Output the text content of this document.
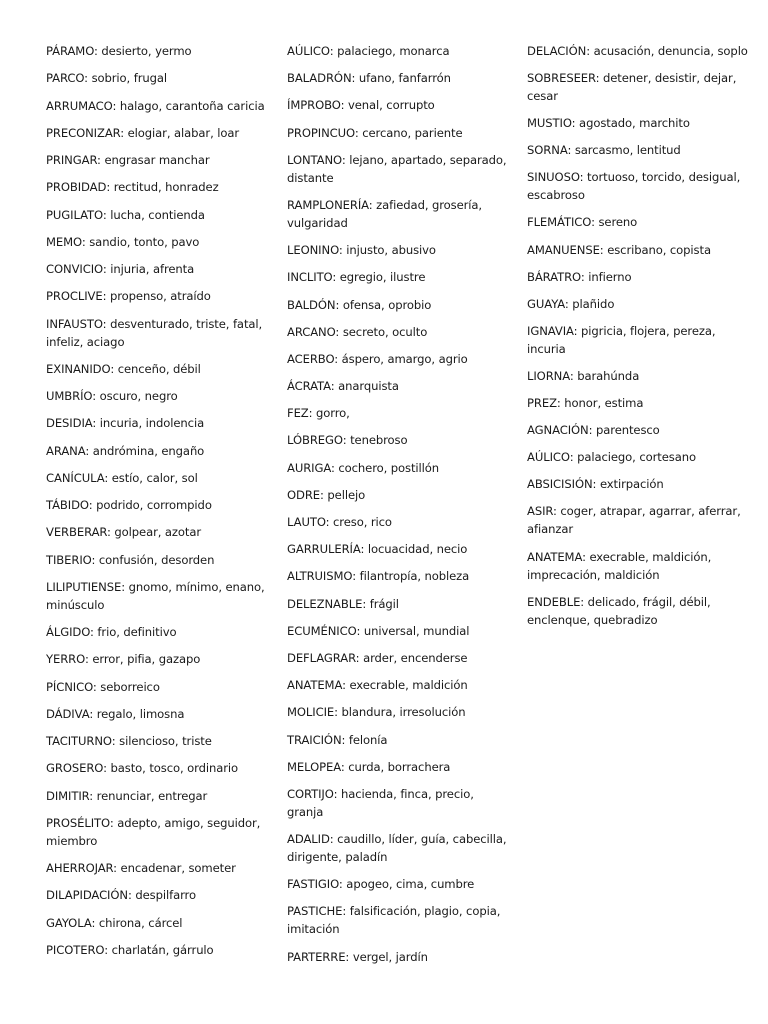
PÁRAMO: desierto, yermo
PARCO: sobrio, frugal
ARRUMACO: halago, carantoña caricia
PRECONIZAR: elogiar, alabar, loar
PRINGAR: engrasar manchar
PROBIDAD: rectitud, honradez
PUGILATO: lucha, contienda
MEMO: sandio, tonto, pavo
CONVICIO: injuria, afrenta
PROCLIVE: propenso, atraído
INFAUSTO: desventurado, triste, fatal, infeliz, aciago
EXINANIDO: cenceño, débil
UMBRÍO: oscuro, negro
DESIDIA: incuria, indolencia
ARANA: andrómina, engaño
CANÍCULA: estío, calor, sol
TÁBIDO: podrido, corrompido
VERBERAR: golpear, azotar
TIBERIO: confusión, desorden
LILIPUTIENSE: gnomo, mínimo, enano, minúsculo
ÁLGIDO: frio, definitivo
YERRO: error, pifia, gazapo
PÍCNICO: seborreico
DÁDIVA: regalo, limosna
TACITURNO: silencioso, triste
GROSERO: basto, tosco, ordinario
DIMITIR: renunciar, entregar
PROSÉLITO: adepto, amigo, seguidor, miembro
AHERROJAR: encadenar, someter
DILAPIDACIÓN: despilfarro
GAYOLA: chirona, cárcel
PICOTERO: charlatán, gárrulo
AÚLICO: palaciego, monarca
BALADRÓN: ufano, fanfarrón
ÍMPROBO: venal, corrupto
PROPINCUO: cercano, pariente
LONTANO: lejano, apartado, separado, distante
RAMPLONERÍA: zafiedad, grosería, vulgaridad
LEONINO: injusto, abusivo
INCLITO: egregio, ilustre
BALDÓN: ofensa, oprobio
ARCANO: secreto, oculto
ACERBO: áspero, amargo, agrio
ÁCRATA: anarquista
FEZ: gorro,
LÓBREGO: tenebroso
AURIGA: cochero, postillón
ODRE: pellejo
LAUTO: creso, rico
GARRULERÍA: locuacidad, necio
ALTRUISMO: filantropía, nobleza
DELEZNABLE: frágil
ECUMÉNICO: universal, mundial
DEFLAGRAR: arder, encenderse
ANATEMA: execrable, maldición
MOLICIE: blandura, irresolución
TRAICIÓN: felonía
MELOPEA: curda, borrachera
CORTIJO: hacienda, finca, precio, granja
ADALID: caudillo, líder, guía, cabecilla, dirigente, paladín
FASTIGIO: apogeo, cima, cumbre
PASTICHE: falsificación, plagio, copia, imitación
PARTERRE: vergel, jardín
DELACIÓN: acusación, denuncia, soplo
SOBRESEER: detener, desistir, dejar, cesar
MUSTIO: agostado, marchito
SORNA: sarcasmo, lentitud
SINUOSO: tortuoso, torcido, desigual, escabroso
FLEMÁTICO: sereno
AMANUENSE: escribano, copista
BÁRATRO: infierno
GUAYA: plañido
IGNAVIA: pigricia, flojera, pereza, incuria
LIORNA: barahúnda
PREZ: honor, estima
AGNACIÓN: parentesco
AÚLICO: palaciego, cortesano
ABSICISIÓN: extirpación
ASIR: coger, atrapar, agarrar, aferrar, afianzar
ANATEMA: execrable, maldición, imprecación, maldición
ENDEBLE: delicado, frágil, débil, enclenque, quebradizo
